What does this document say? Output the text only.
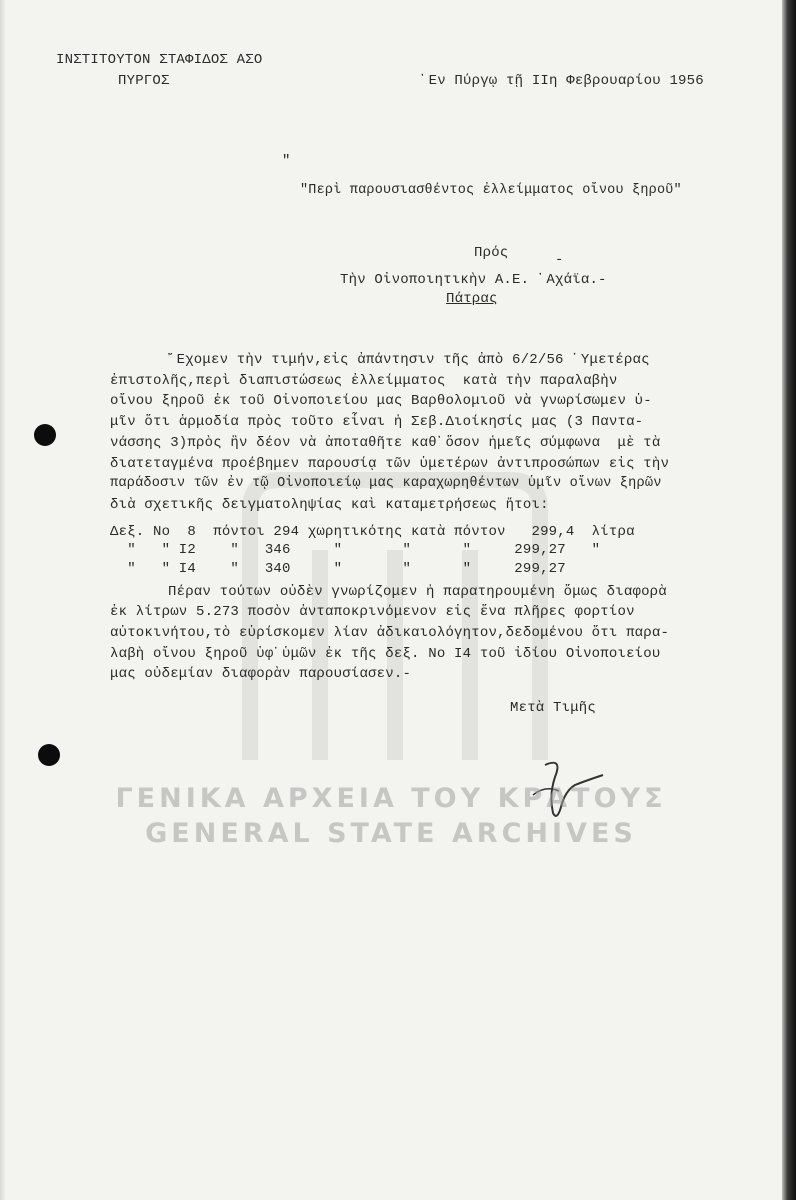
ΙΝΣΤΙΤΟΥΤΟΝ ΣΤΑΦΙΔΟΣ ΑΣΟ
ΠΥΡΓΟΣ	᾽Εν Πύργῳ τῇ ΙΙη Φεβρουαρίου 1956
"
"Περὶ παρουσιασθέντος ἐλλείμματος οἴνου ξηροῦ"
Πρός	-
Τὴν Οἰνοποιητικὴν Α.Ε. ᾽Αχάϊα.-
Πάτρας
῎Εχομεν τὴν τιμήν,εἰς ἀπάντησιν τῆς ἀπὸ 6/2/56 ῾Υμετέρας
ἐπιστολῆς,περὶ διαπιστώσεως ἐλλείμματος  κατὰ τὴν παραλαβὴν
οἴνου ξηροῦ ἐκ τοῦ Οἰνοποιείου μας Βαρθολομιοῦ νὰ γνωρίσωμεν ὑ-
μῖν ὅτι ἁρμοδία πρὸς τοῦτο εἶναι ἡ Σεβ.Διοίκησίς μας (3 Παντα-
νάσσης 3)πρὸς ἣν δέον νὰ ἀποταθῆτε καθ᾽ὅσον ἡμεῖς σύμφωνα  μὲ τὰ
διατεταγμένα προέβημεν παρουσίᾳ τῶν ὑμετέρων ἀντιπροσώπων εἰς τὴν
παράδοσιν τῶν ἐν τῷ Οἰνοποιείῳ μας καραχωρηθέντων ὑμῖν οἴνων ξηρῶν
διὰ σχετικῆς δειγματοληψίας καὶ καταμετρήσεως ἤτοι:
Δεξ. Νο  8  πόντοι 294 χωρητικότης κατὰ πόντον   299,4  λίτρα
"   " Ι2    "   346     "       "      "     299,27   "
"   " Ι4    "   340     "       "      "     299,27
Πέραν τούτων οὐδὲν γνωρίζομεν ἡ παρατηρουμένη ὅμως διαφορὰ
ἐκ λίτρων 5.273 ποσὸν ἀνταποκρινόμενον εἰς ἕνα πλῆρες φορτίον
αὐτοκινήτου,τὸ εὑρίσκομεν λίαν ἀδικαιολόγητον,δεδομένου ὅτι παρα-
λαβὴ οἴνου ξηροῦ ὑφ᾽ὑμῶν ἐκ τῆς δεξ. Νο Ι4 τοῦ ἰδίου Οἰνοποιείου
μας οὐδεμίαν διαφορὰν παρουσίασεν.-
Μετὰ Τιμῆς
ΓΕΝΙΚΑ ΑΡΧΕΙΑ ΤΟΥ ΚΡΑΤΟΥΣ
GENERAL STATE ARCHIVES
